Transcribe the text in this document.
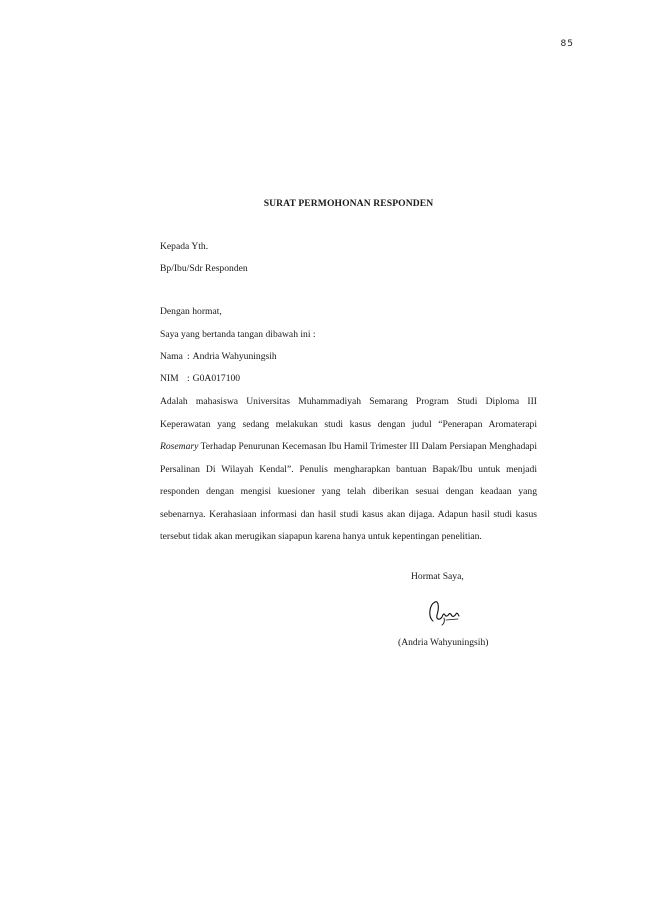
85
SURAT PERMOHONAN RESPONDEN
Kepada Yth.
Bp/Ibu/Sdr Responden
Dengan hormat,
Saya yang bertanda tangan dibawah ini :
Nama : Andria Wahyuningsih
NIM : G0A017100

Adalah mahasiswa Universitas Muhammadiyah Semarang Program Studi Diploma III Keperawatan yang sedang melakukan studi kasus dengan judul “Penerapan Aromaterapi Rosemary Terhadap Penurunan Kecemasan Ibu Hamil Trimester III Dalam Persiapan Menghadapi Persalinan Di Wilayah Kendal”. Penulis mengharapkan bantuan Bapak/Ibu untuk menjadi responden dengan mengisi kuesioner yang telah diberikan sesuai dengan keadaan yang sebenarnya. Kerahasiaan informasi dan hasil studi kasus akan dijaga. Adapun hasil studi kasus tersebut tidak akan merugikan siapapun karena hanya untuk kepentingan penelitian.

Hormat Saya,
(Andria Wahyuningsih)
